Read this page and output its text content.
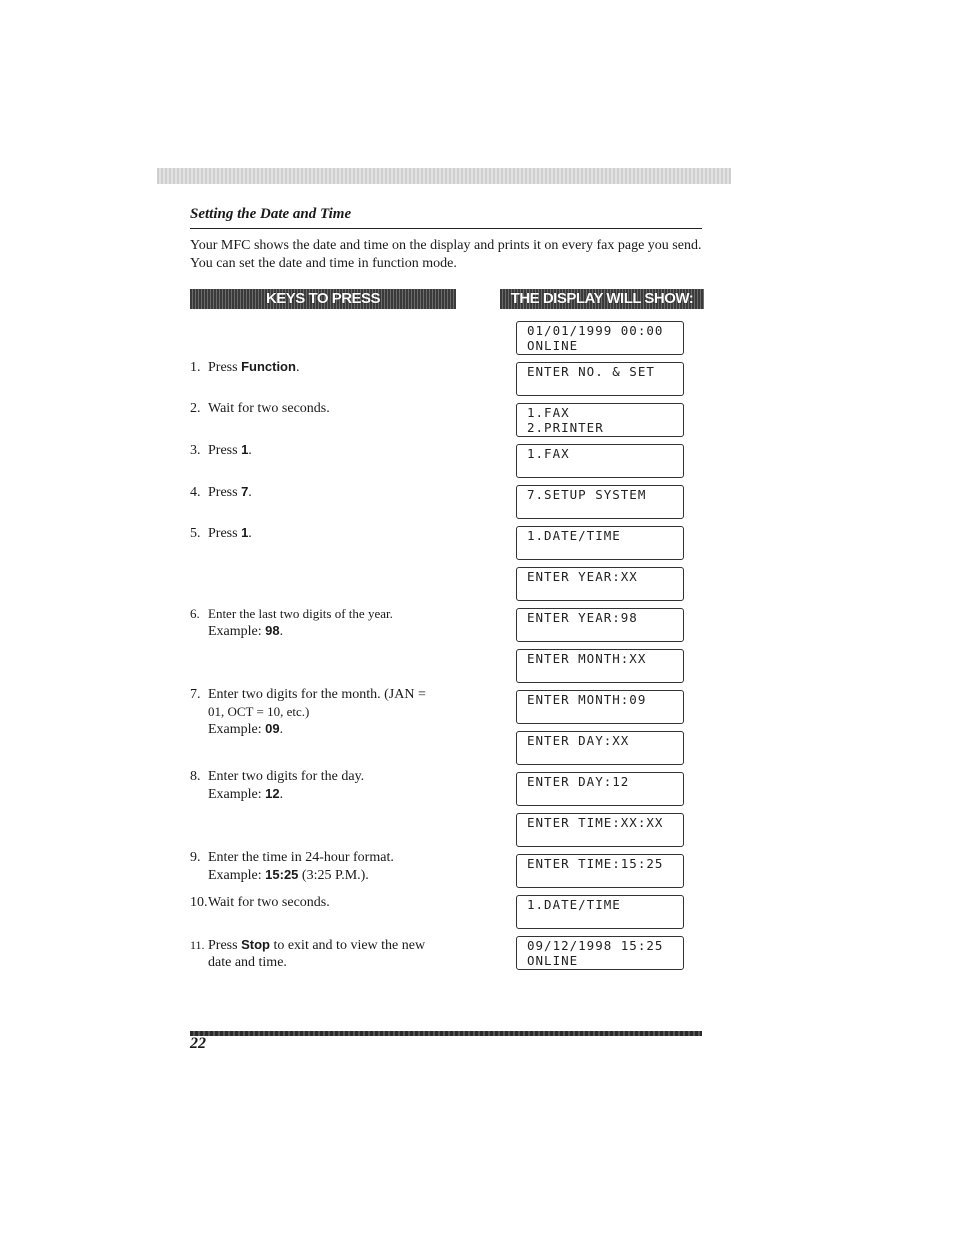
Setting the Date and Time
Your MFC shows the date and time on the display and prints it on every fax page you send. You can set the date and time in function mode.
KEYS TO PRESS	THE DISPLAY WILL SHOW:
1. Press Function.
2. Wait for two seconds.
3. Press 1.
4. Press 7.
5. Press 1.
6. Enter the last two digits of the year.
Example: 98.
7. Enter two digits for the month. (JAN =
01, OCT = 10, etc.)
Example: 09.
8. Enter two digits for the day.
Example: 12.
9. Enter the time in 24-hour format.
Example: 15:25 (3:25 P.M.).
10.Wait for two seconds.
11. Press Stop to exit and to view the new
date and time.
01/01/1999 00:00
ONLINE
ENTER NO. & SET
1.FAX
2.PRINTER
1.FAX
7.SETUP SYSTEM
1.DATE/TIME
ENTER YEAR:XX
ENTER YEAR:98
ENTER MONTH:XX
ENTER MONTH:09
ENTER DAY:XX
ENTER DAY:12
ENTER TIME:XX:XX
ENTER TIME:15:25
1.DATE/TIME
09/12/1998 15:25
ONLINE
22
